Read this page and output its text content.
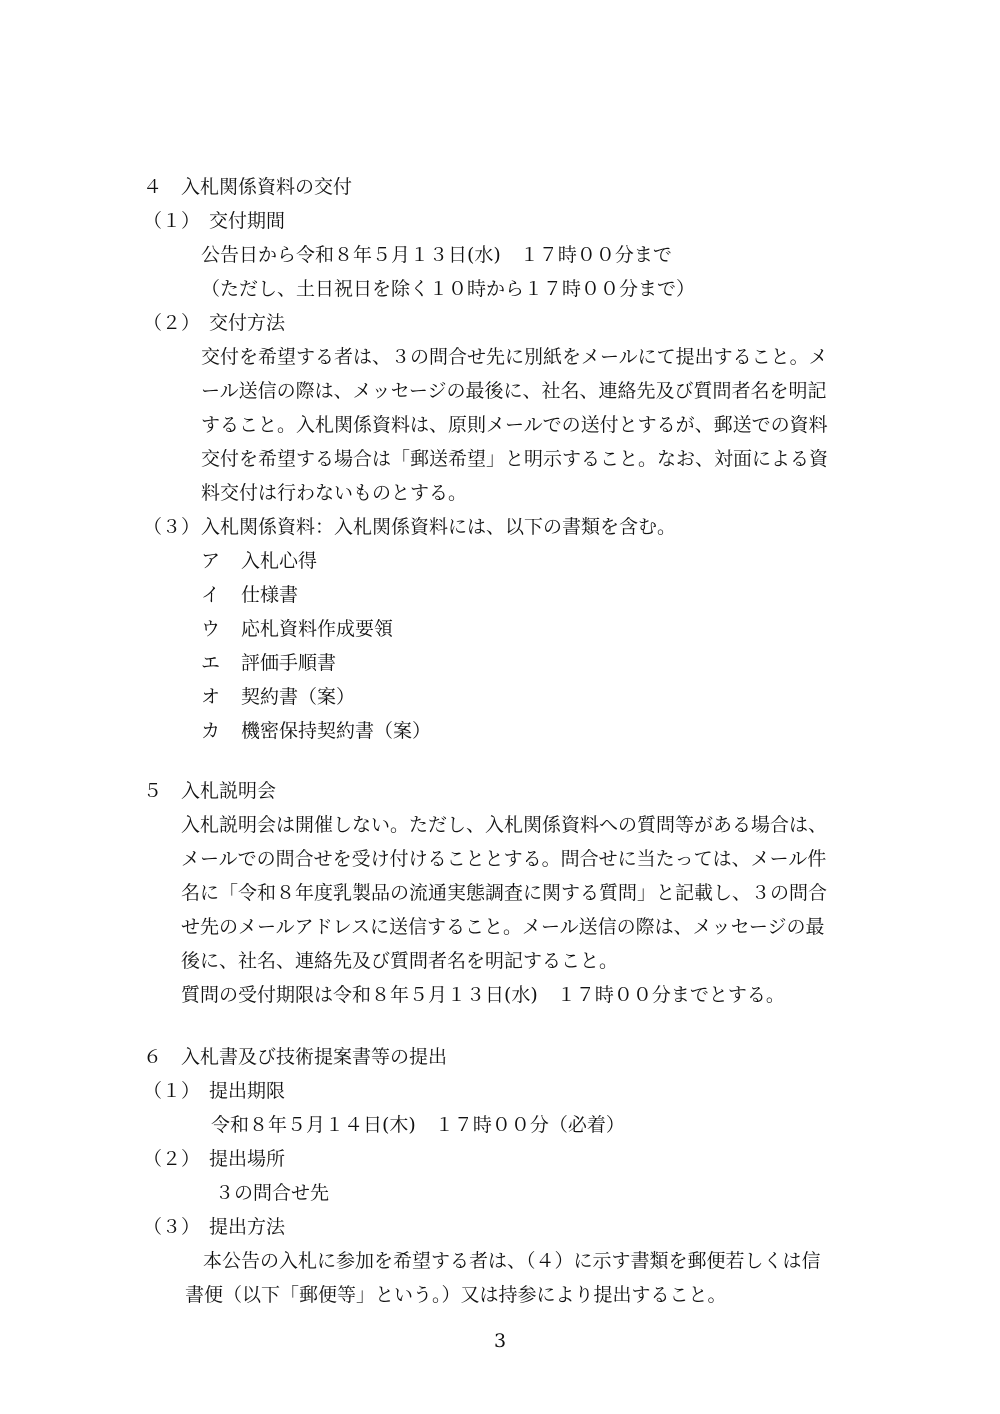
４ 入札関係資料の交付
（１） 交付期間
公告日から令和８年５月１３日(水)　１７時００分まで
（ただし、土日祝日を除く１０時から１７時００分まで）
（２） 交付方法
交付を希望する者は、３の問合せ先に別紙をメールにて提出すること。メ
ール送信の際は、メッセージの最後に、社名、連絡先及び質問者名を明記
すること。入札関係資料は、原則メールでの送付とするが、郵送での資料
交付を希望する場合は「郵送希望」と明示すること。なお、対面による資
料交付は行わないものとする。
（３）入札関係資料：入札関係資料には、以下の書類を含む。
ア 入札心得
イ 仕様書
ウ 応札資料作成要領
エ 評価手順書
オ 契約書（案）
カ 機密保持契約書（案）
５ 入札説明会
入札説明会は開催しない。ただし、入札関係資料への質問等がある場合は、
メールでの問合せを受け付けることとする。問合せに当たっては、メール件
名に「令和８年度乳製品の流通実態調査に関する質問」と記載し、３の問合
せ先のメールアドレスに送信すること。メール送信の際は、メッセージの最
後に、社名、連絡先及び質問者名を明記すること。
質問の受付期限は令和８年５月１３日(水)　１７時００分までとする。
６ 入札書及び技術提案書等の提出
（１） 提出期限
令和８年５月１４日(木)　１７時００分（必着）
（２） 提出場所
３の問合せ先
（３） 提出方法
本公告の入札に参加を希望する者は、（４）に示す書類を郵便若しくは信
書便（以下「郵便等」という。）又は持参により提出すること。
3
